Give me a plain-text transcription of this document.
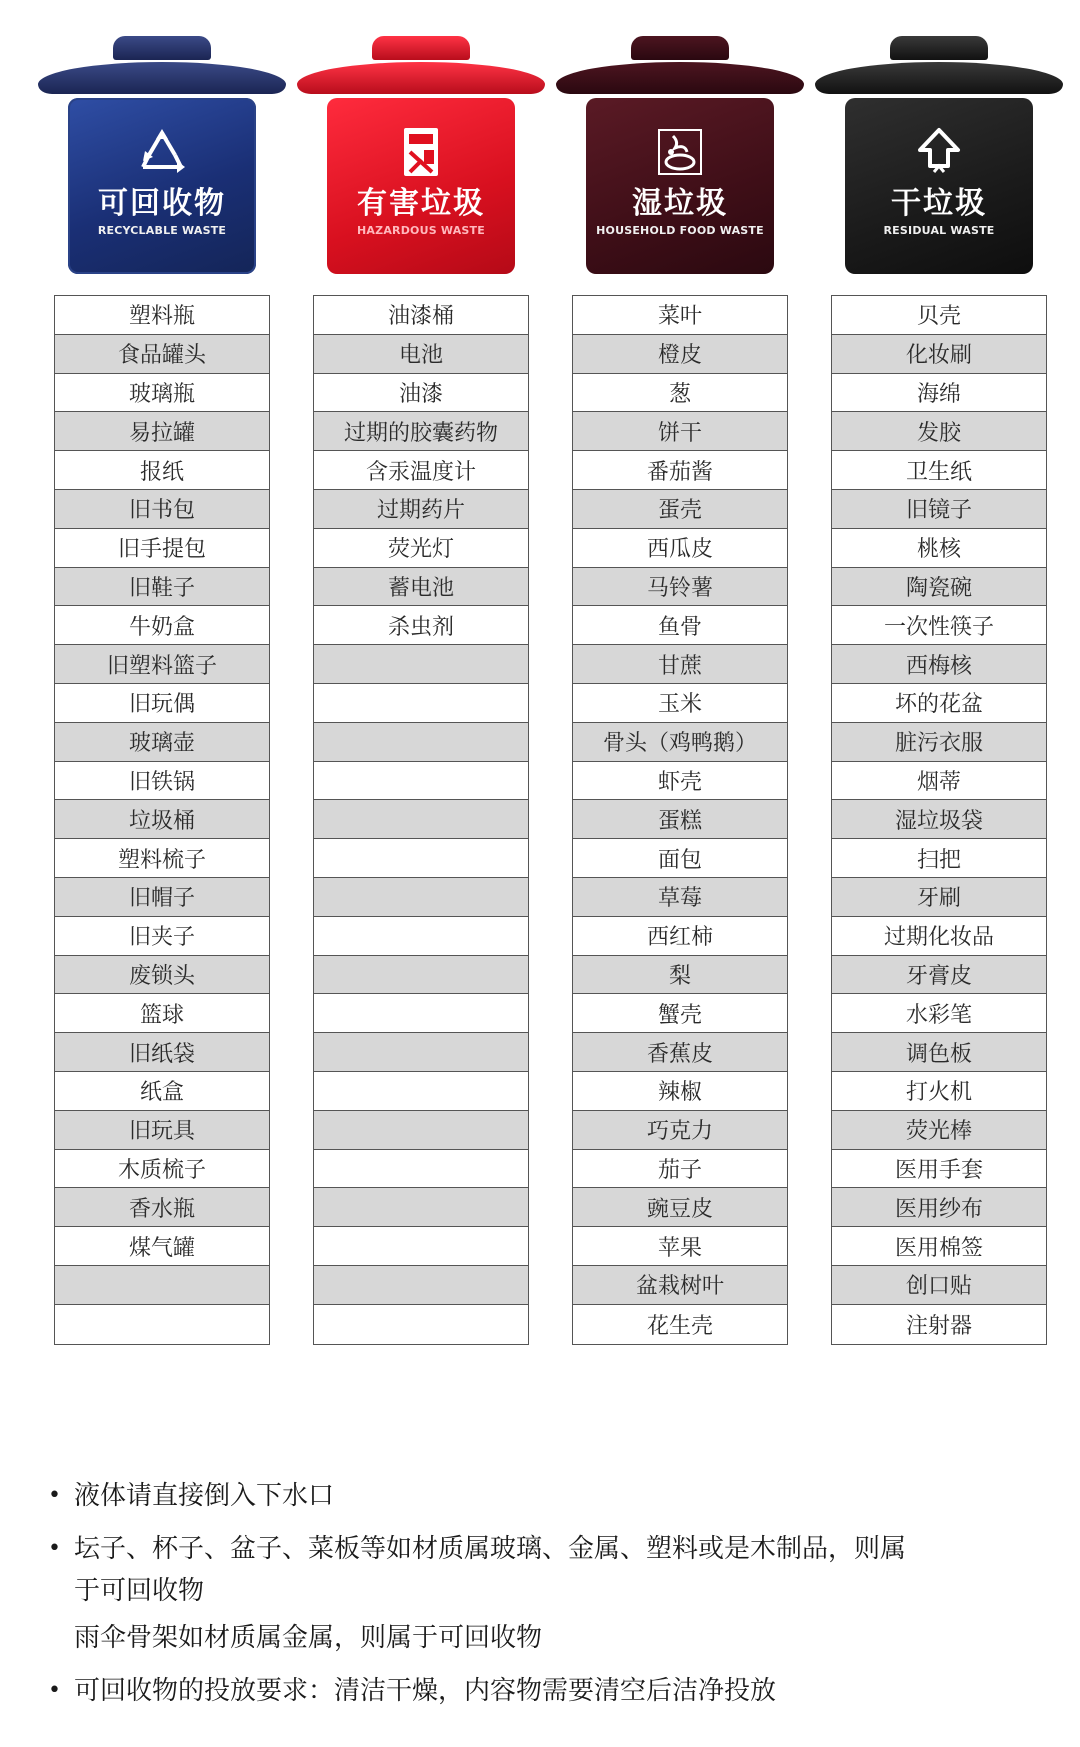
可回收物
RECYCLABLE WASTE
塑料瓶
食品罐头
玻璃瓶
易拉罐
报纸
旧书包
旧手提包
旧鞋子
牛奶盒
旧塑料篮子
旧玩偶
玻璃壶
旧铁锅
垃圾桶
塑料梳子
旧帽子
旧夹子
废锁头
篮球
旧纸袋
纸盒
旧玩具
木质梳子
香水瓶
煤气罐
有害垃圾
HAZARDOUS WASTE
油漆桶
电池
油漆
过期的胶囊药物
含汞温度计
过期药片
荧光灯
蓄电池
杀虫剂
湿垃圾
HOUSEHOLD FOOD WASTE
菜叶
橙皮
葱
饼干
番茄酱
蛋壳
西瓜皮
马铃薯
鱼骨
甘蔗
玉米
骨头（鸡鸭鹅）
虾壳
蛋糕
面包
草莓
西红柿
梨
蟹壳
香蕉皮
辣椒
巧克力
茄子
豌豆皮
苹果
盆栽树叶
花生壳
干垃圾
RESIDUAL WASTE
贝壳
化妆刷
海绵
发胶
卫生纸
旧镜子
桃核
陶瓷碗
一次性筷子
西梅核
坏的花盆
脏污衣服
烟蒂
湿垃圾袋
扫把
牙刷
过期化妆品
牙膏皮
水彩笔
调色板
打火机
荧光棒
医用手套
医用纱布
医用棉签
创口贴
注射器
• 液体请直接倒入下水口
• 坛子、杯子、盆子、菜板等如材质属玻璃、金属、塑料或是木制品，则属
于可回收物
雨伞骨架如材质属金属，则属于可回收物
• 可回收物的投放要求：清洁干燥，内容物需要清空后洁净投放
